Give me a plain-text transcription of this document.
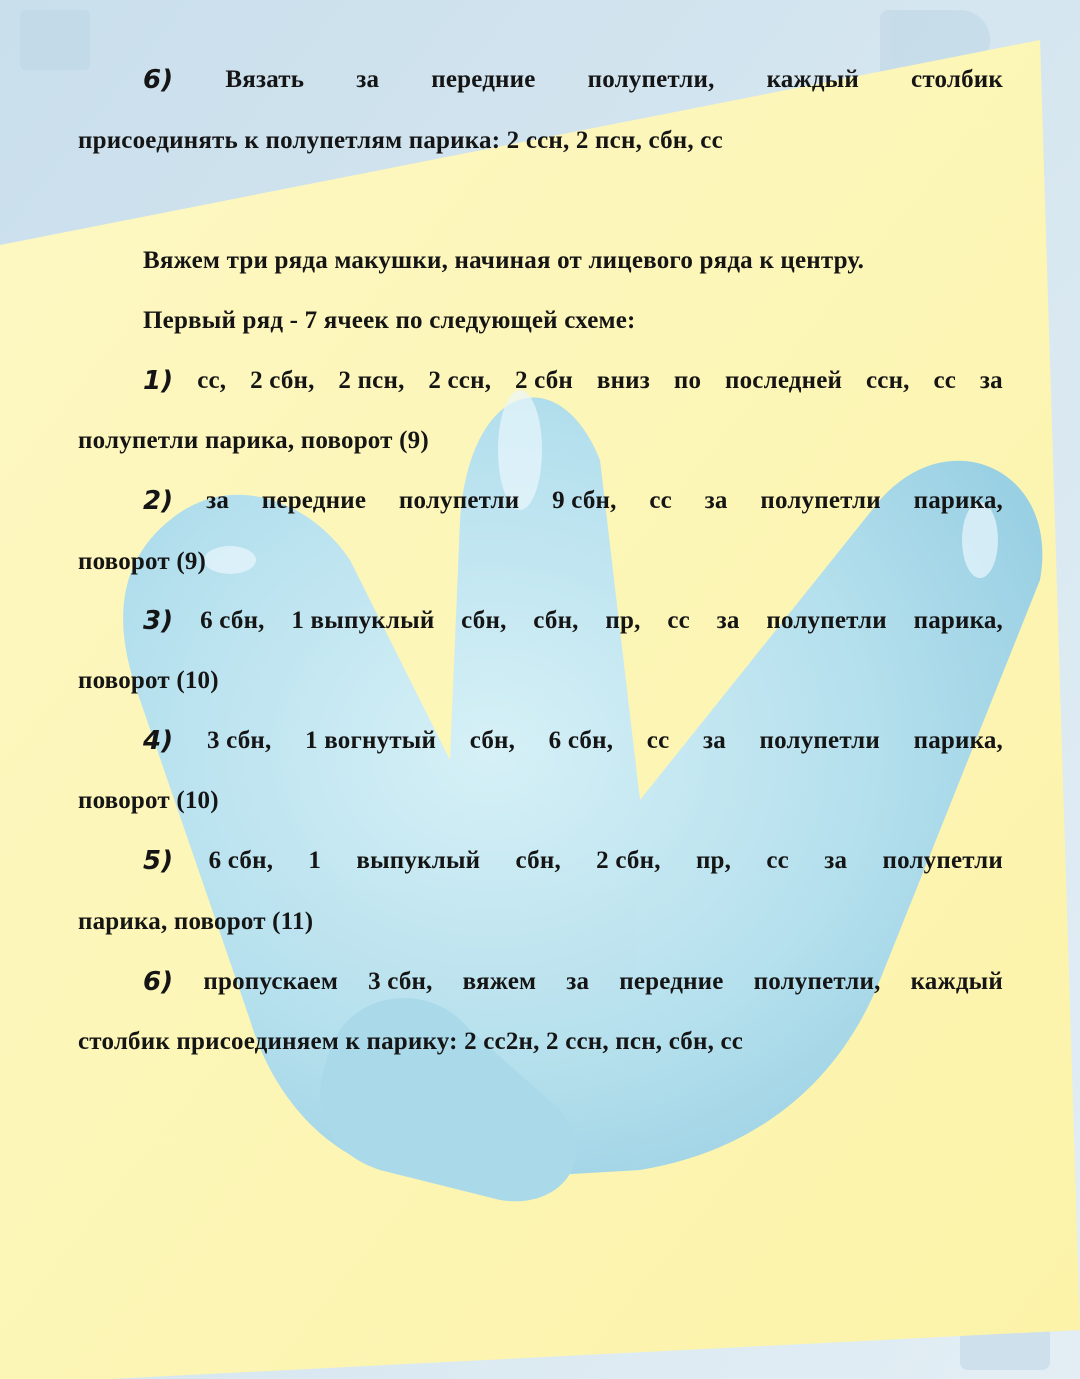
6) Вязать за передние полупетли, каждый столбик
присоединять к полупетлям парика: 2 ссн, 2 псн, сбн, сс
Вяжем три ряда макушки, начиная от лицевого ряда к центру.
Первый ряд - 7 ячеек по следующей схеме:
1) сс, 2 сбн, 2 псн, 2 ссн, 2 сбн вниз по последней ссн, сс за
полупетли парика, поворот (9)
2) за передние полупетли 9 сбн, сс за полупетли парика,
поворот (9)
3) 6 сбн, 1 выпуклый сбн, сбн, пр, сс за полупетли парика,
поворот (10)
4) 3 сбн, 1 вогнутый сбн, 6 сбн, сс за полупетли парика,
поворот (10)
5) 6 сбн, 1 выпуклый сбн, 2 сбн, пр, сс за полупетли
парика, поворот (11)
6) пропускаем 3 сбн, вяжем за передние полупетли, каждый
столбик присоединяем к парику: 2 сс2н, 2 ссн, псн, сбн, сс
